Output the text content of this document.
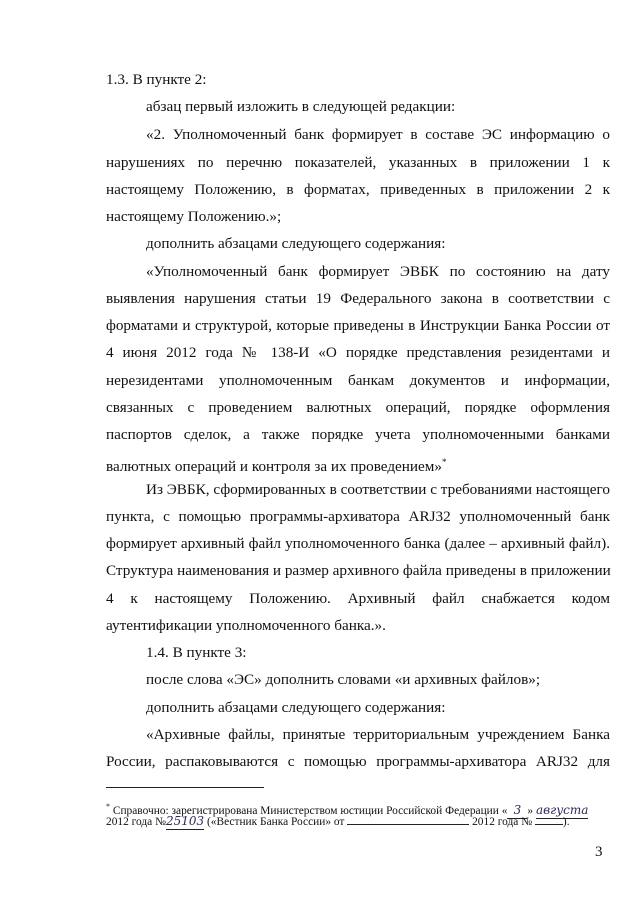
1.3. В пункте 2:
абзац первый изложить в следующей редакции:
«2. Уполномоченный банк формирует в составе ЭС информацию о
нарушениях по перечню показателей, указанных в приложении 1 к
настоящему Положению, в форматах, приведенных в приложении 2 к
настоящему Положению.»;
дополнить абзацами следующего содержания:
«Уполномоченный банк формирует ЭВБК по состоянию на дату
выявления нарушения статьи 19 Федерального закона в соответствии с
форматами и структурой, которые приведены в Инструкции Банка России от
4 июня 2012 года № 138-И «О порядке представления резидентами и
нерезидентами уполномоченным банкам документов и информации,
связанных с проведением валютных операций, порядке оформления
паспортов сделок, а также порядке учета уполномоченными банками
валютных операций и контроля за их проведением»*
Из ЭВБК, сформированных в соответствии с требованиями настоящего
пункта, с помощью программы-архиватора ARJ32 уполномоченный банк
формирует архивный файл уполномоченного банка (далее – архивный файл).
Структура наименования и размер архивного файла приведены в приложении
4 к настоящему Положению. Архивный файл снабжается кодом
аутентификации уполномоченного банка.».
1.4. В пункте 3:
после слова «ЭС» дополнить словами «и архивных файлов»;
дополнить абзацами следующего содержания:
«Архивные файлы, принятые территориальным учреждением Банка
России, распаковываются с помощью программы-архиватора ARJ32 для
* Справочно: зарегистрирована Министерством юстиции Российской Федерации « 3 » августа
2012 года №25103 («Вестник Банка России» от	2012 года №	).
3
